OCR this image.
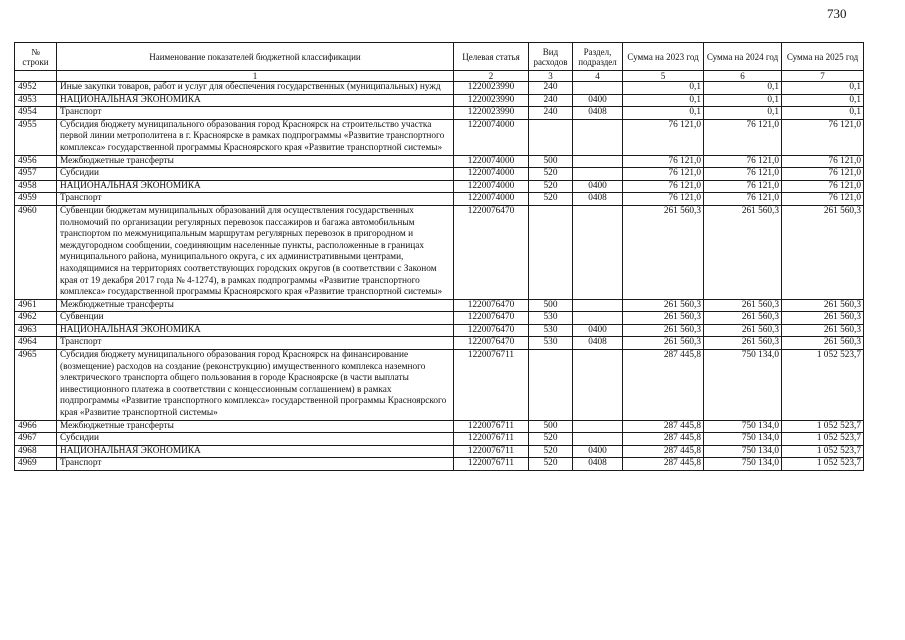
730
№
строки	Наименование показателей бюджетной классификации	Целевая статья	Вид расходов	Раздел, подраздел	Сумма на 2023 год	Сумма на 2024 год	Сумма на 2025 год
	1	2	3	4	5	6	7
4952	Иные закупки товаров, работ и услуг для обеспечения государственных (муниципальных) нужд	1220023990	240		0,1	0,1	0,1
4953	НАЦИОНАЛЬНАЯ ЭКОНОМИКА	1220023990	240	0400	0,1	0,1	0,1
4954	Транспорт	1220023990	240	0408	0,1	0,1	0,1
4955	Субсидия бюджету муниципального образования город Красноярск на строительство участка первой линии метрополитена в г. Красноярске в рамках подпрограммы «Развитие транспортного комплекса» государственной программы Красноярского края «Развитие транспортной системы»	1220074000			76 121,0	76 121,0	76 121,0
4956	Межбюджетные трансферты	1220074000	500		76 121,0	76 121,0	76 121,0
4957	Субсидии	1220074000	520		76 121,0	76 121,0	76 121,0
4958	НАЦИОНАЛЬНАЯ ЭКОНОМИКА	1220074000	520	0400	76 121,0	76 121,0	76 121,0
4959	Транспорт	1220074000	520	0408	76 121,0	76 121,0	76 121,0
4960	Субвенции бюджетам муниципальных образований для осуществления государственных полномочий по организации регулярных перевозок пассажиров и багажа автомобильным транспортом по межмуниципальным маршрутам регулярных перевозок в пригородном и междугородном сообщении, соединяющим населенные пункты, расположенные в границах муниципального района, муниципального округа, с их административными центрами, находящимися на территориях соответствующих городских округов (в соответствии с Законом края от 19 декабря 2017 года № 4-1274), в рамках подпрограммы «Развитие транспортного комплекса» государственной программы Красноярского края «Развитие транспортной системы»	1220076470			261 560,3	261 560,3	261 560,3
4961	Межбюджетные трансферты	1220076470	500		261 560,3	261 560,3	261 560,3
4962	Субвенции	1220076470	530		261 560,3	261 560,3	261 560,3
4963	НАЦИОНАЛЬНАЯ ЭКОНОМИКА	1220076470	530	0400	261 560,3	261 560,3	261 560,3
4964	Транспорт	1220076470	530	0408	261 560,3	261 560,3	261 560,3
4965	Субсидия бюджету муниципального образования город Красноярск на финансирование (возмещение) расходов на создание (реконструкцию) имущественного комплекса наземного электрического транспорта общего пользования в городе Красноярске (в части выплаты инвестиционного платежа в соответствии с концессионным соглашением) в рамках подпрограммы «Развитие транспортного комплекса» государственной программы Красноярского края «Развитие транспортной системы»	1220076711			287 445,8	750 134,0	1 052 523,7
4966	Межбюджетные трансферты	1220076711	500		287 445,8	750 134,0	1 052 523,7
4967	Субсидии	1220076711	520		287 445,8	750 134,0	1 052 523,7
4968	НАЦИОНАЛЬНАЯ ЭКОНОМИКА	1220076711	520	0400	287 445,8	750 134,0	1 052 523,7
4969	Транспорт	1220076711	520	0408	287 445,8	750 134,0	1 052 523,7
